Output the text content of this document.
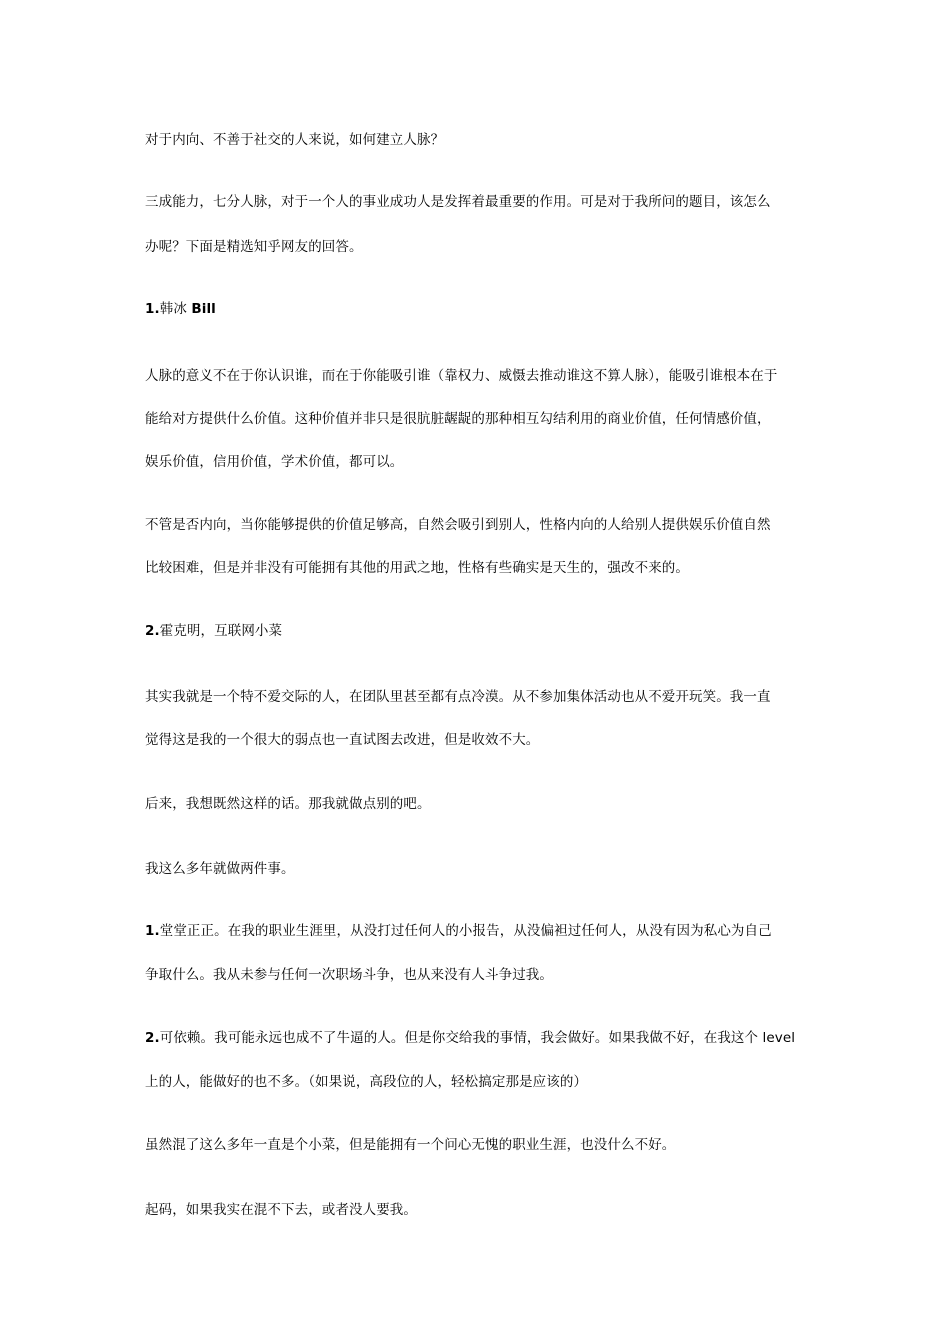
对于内向、不善于社交的人来说，如何建立人脉？
三成能力，七分人脉，对于一个人的事业成功人是发挥着最重要的作用。可是对于我所问的题目，该怎么
办呢？下面是精选知乎网友的回答。
1.韩冰 Bill
人脉的意义不在于你认识谁，而在于你能吸引谁（靠权力、威慑去推动谁这不算人脉），能吸引谁根本在于
能给对方提供什么价值。这种价值并非只是很肮脏龌龊的那种相互勾结利用的商业价值，任何情感价值，
娱乐价值，信用价值，学术价值，都可以。
不管是否内向，当你能够提供的价值足够高，自然会吸引到别人，性格内向的人给别人提供娱乐价值自然
比较困难，但是并非没有可能拥有其他的用武之地，性格有些确实是天生的，强改不来的。
2.霍克明，互联网小菜
其实我就是一个特不爱交际的人，在团队里甚至都有点冷漠。从不参加集体活动也从不爱开玩笑。我一直
觉得这是我的一个很大的弱点也一直试图去改进，但是收效不大。
后来，我想既然这样的话。那我就做点别的吧。
我这么多年就做两件事。
1.堂堂正正。在我的职业生涯里，从没打过任何人的小报告，从没偏袒过任何人，从没有因为私心为自己
争取什么。我从未参与任何一次职场斗争，也从来没有人斗争过我。
2.可依赖。我可能永远也成不了牛逼的人。但是你交给我的事情，我会做好。如果我做不好，在我这个 level
上的人，能做好的也不多。（如果说，高段位的人，轻松搞定那是应该的）
虽然混了这么多年一直是个小菜，但是能拥有一个问心无愧的职业生涯，也没什么不好。
起码，如果我实在混不下去，或者没人要我。
